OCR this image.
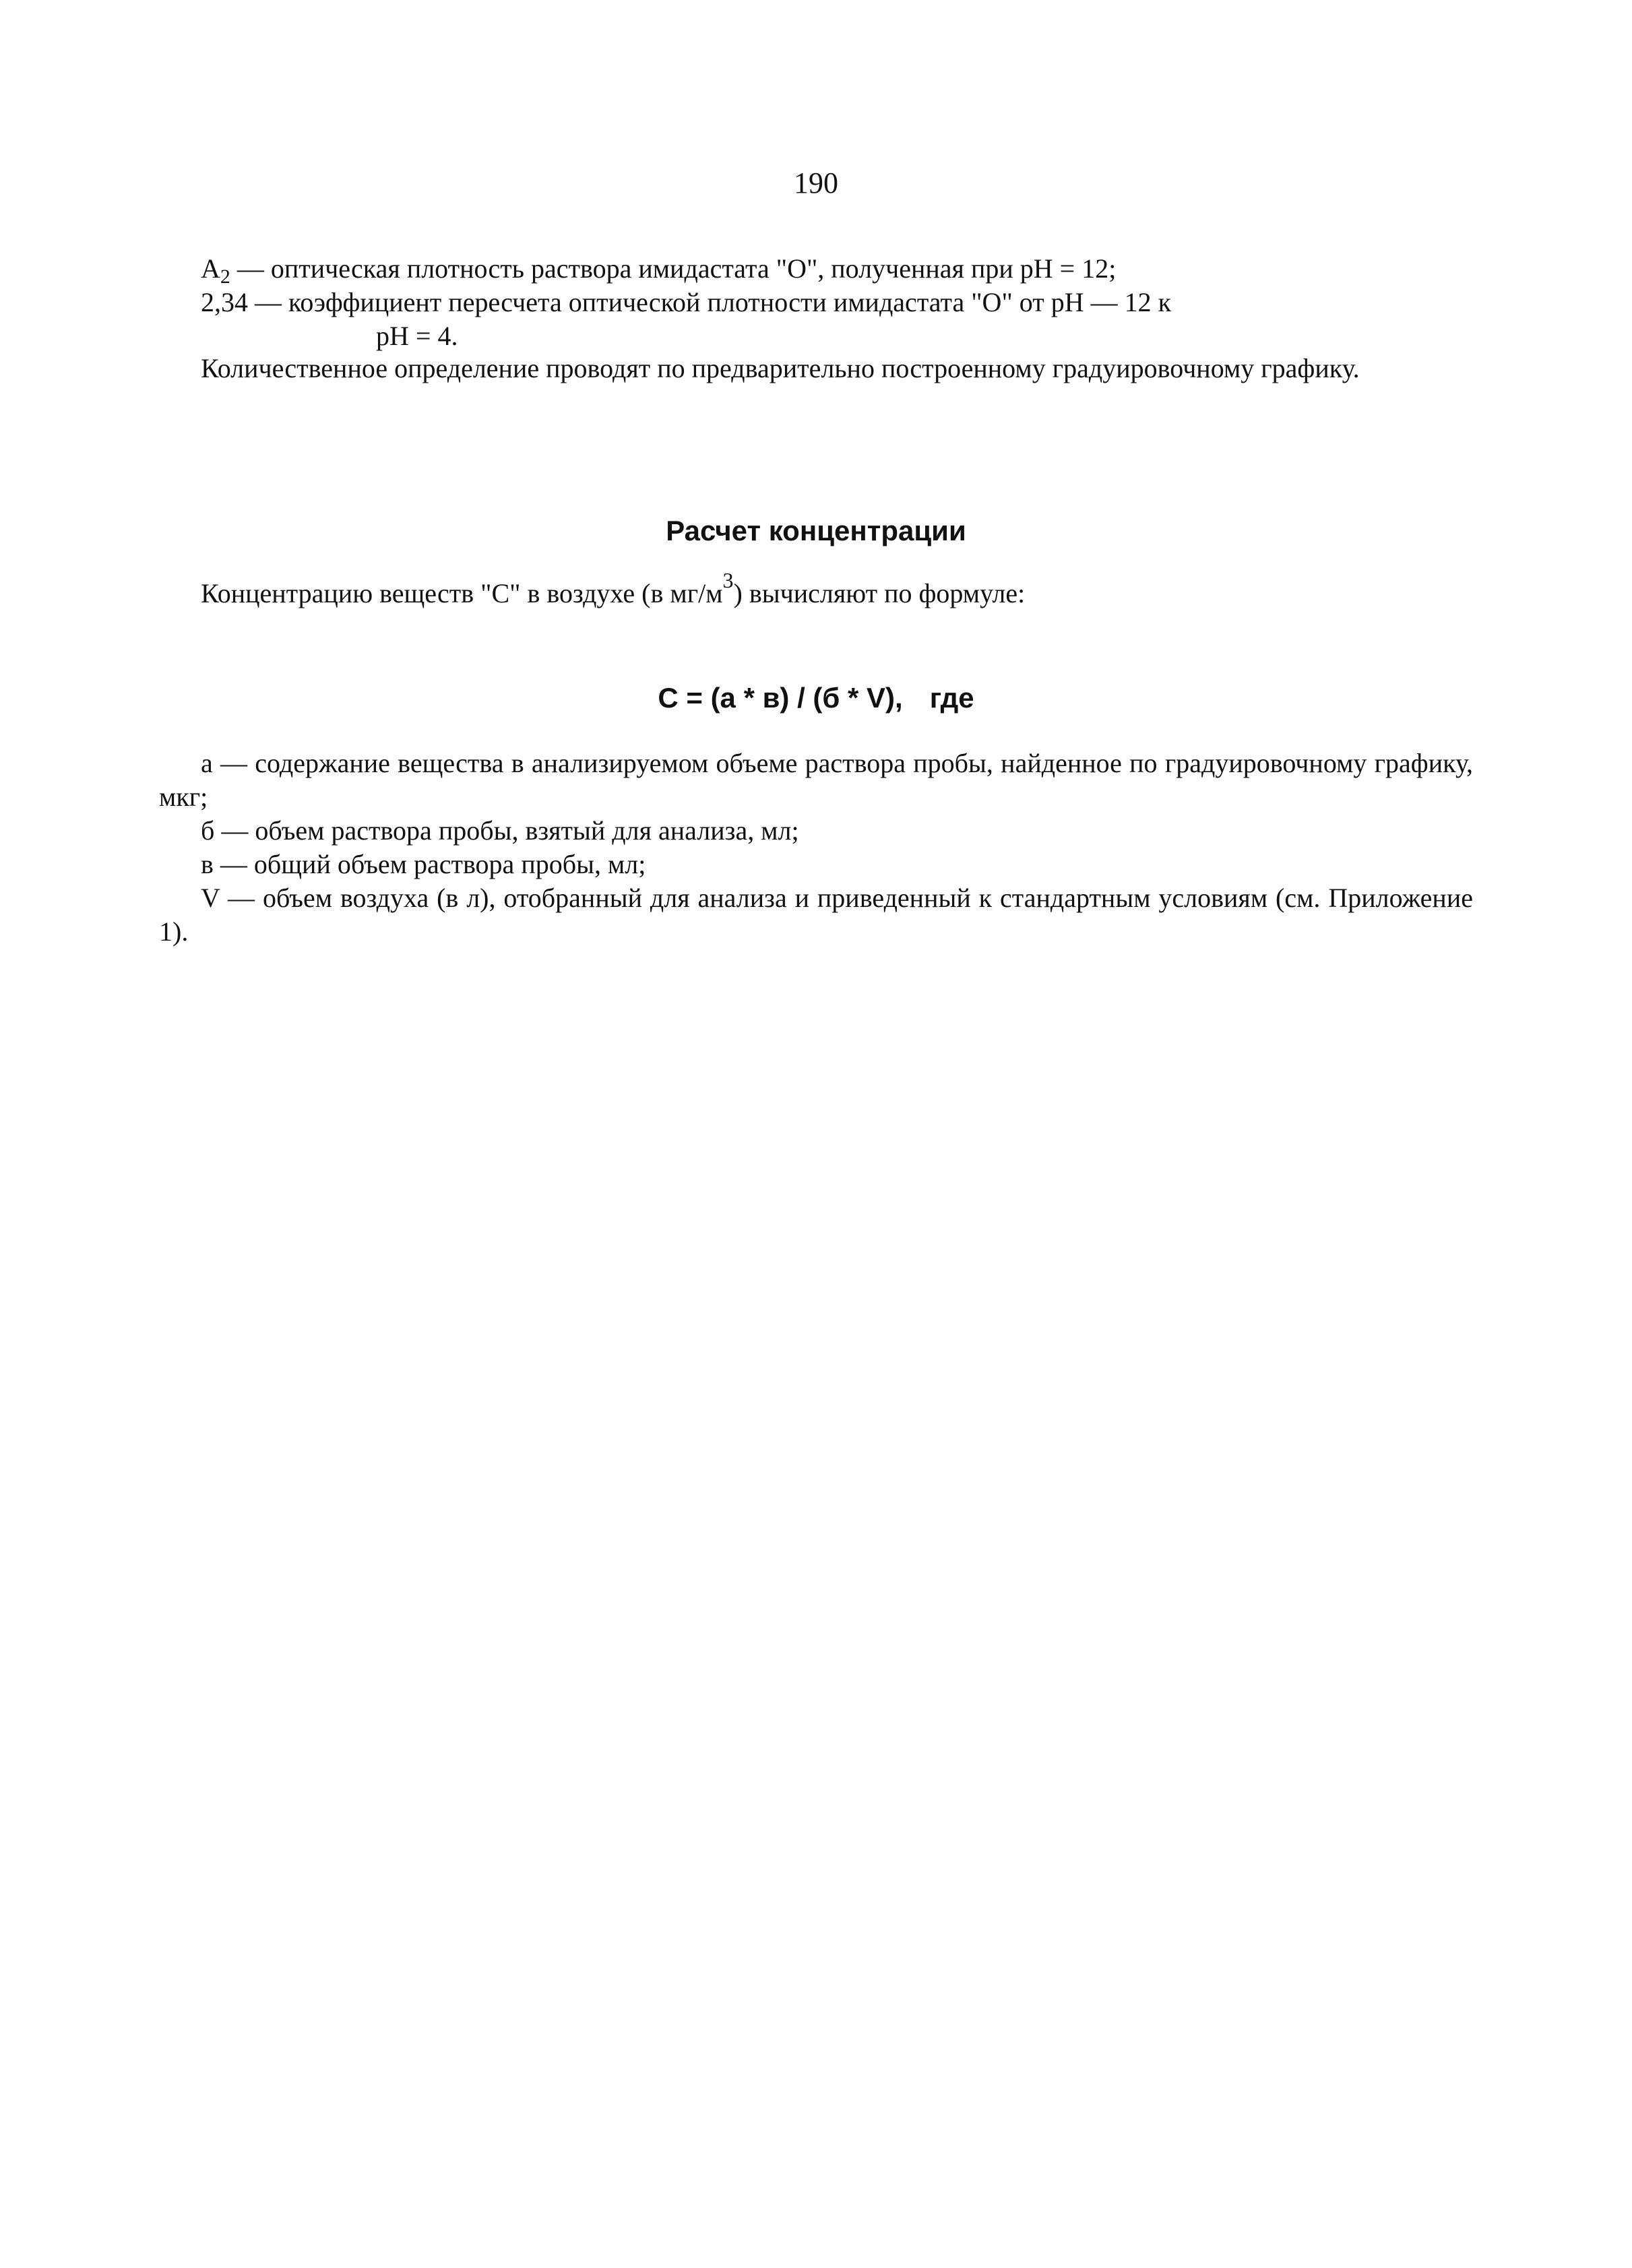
190
$A_2$ — оптическая плотность раствора имидастата "О", полученная при рН = 12;
2,34 — коэффициент пересчета оптической плотности имидастата "О" от рН — 12 к
рН = 4.
Количественное определение проводят по предварительно построенному градуировочному графику.
Расчет концентрации
Концентрацию веществ "С" в воздухе (в $мг/м^3$) вычисляют по формуле:
С = (а * в) / (б * V), где

а — содержание вещества в анализируемом объеме раствора пробы, найденное по градуировочному графику, мкг;

б — объем раствора пробы, взятый для анализа, мл;

в — общий объем раствора пробы, мл;

V — объем воздуха (в л), отобранный для анализа и приведенный к стандартным условиям (см. Приложение 1).
